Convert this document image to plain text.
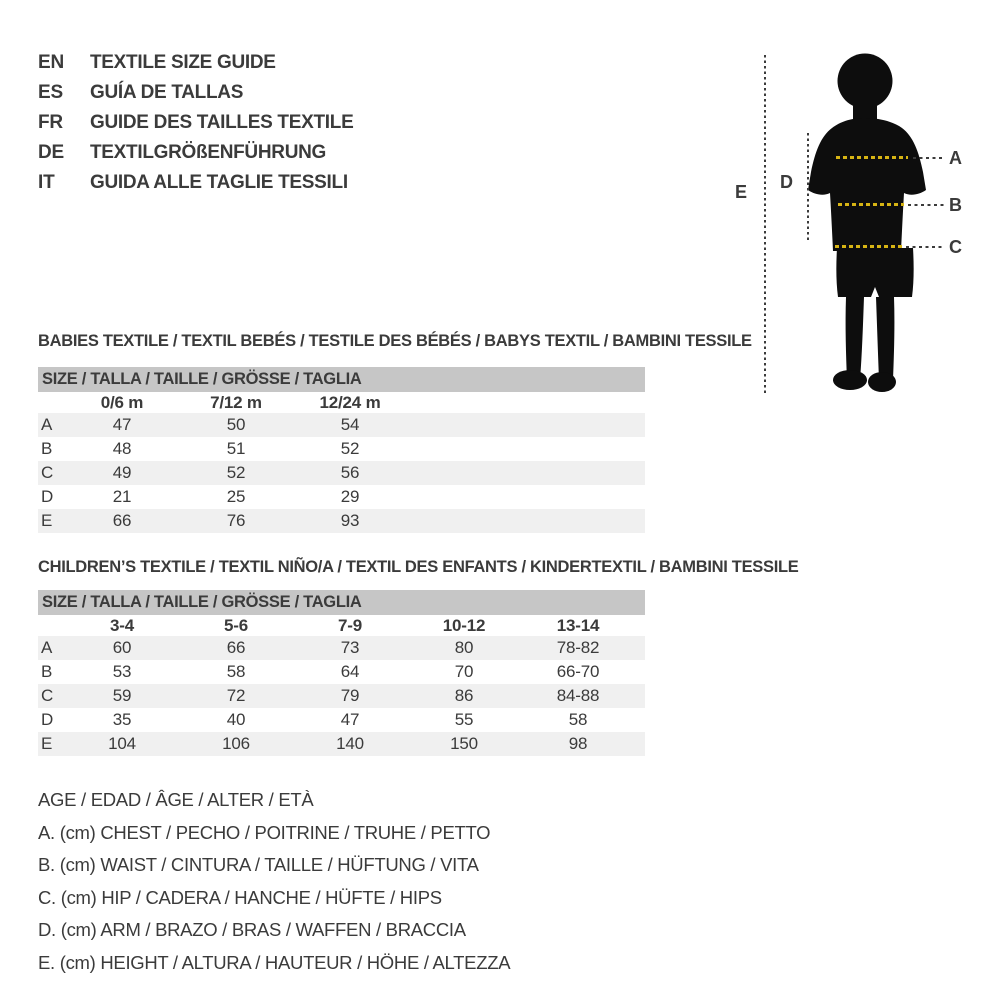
EN	TEXTILE SIZE GUIDE
ES	GUÍA DE TALLAS
FR	GUIDE DES TAILLES TEXTILE
DE	TEXTILGRÖßENFÜHRUNG
IT	GUIDA ALLE TAGLIE TESSILI	E D
A
B
C
BABIES TEXTILE / TEXTIL BEBÉS / TESTILE DES BÉBÉS / BABYS TEXTIL / BAMBINI TESSILE
SIZE / TALLA / TAILLE / GRÖSSE / TAGLIA
	0/6 m	7/12 m	12/24 m	
A	47	50	54	
B	48	51	52	
C	49	52	56	
D	21	25	29	
E	66	76	93	
CHILDREN’S TEXTILE / TEXTIL NIÑO/A / TEXTIL DES ENFANTS / KINDERTEXTIL / BAMBINI TESSILE
SIZE / TALLA / TAILLE / GRÖSSE / TAGLIA
	3-4	5-6	7-9	10-12	13-14	
A	60	66	73	80	78-82	
B	53	58	64	70	66-70	
C	59	72	79	86	84-88	
D	35	40	47	55	58	
E	104	106	140	150	98	
AGE / EDAD / ÂGE / ALTER / ETÀ
A. (cm) CHEST / PECHO / POITRINE / TRUHE / PETTO
B. (cm) WAIST / CINTURA / TAILLE / HÜFTUNG / VITA
C. (cm) HIP / CADERA / HANCHE / HÜFTE / HIPS
D. (cm) ARM / BRAZO / BRAS / WAFFEN / BRACCIA
E. (cm) HEIGHT / ALTURA / HAUTEUR / HÖHE / ALTEZZA
